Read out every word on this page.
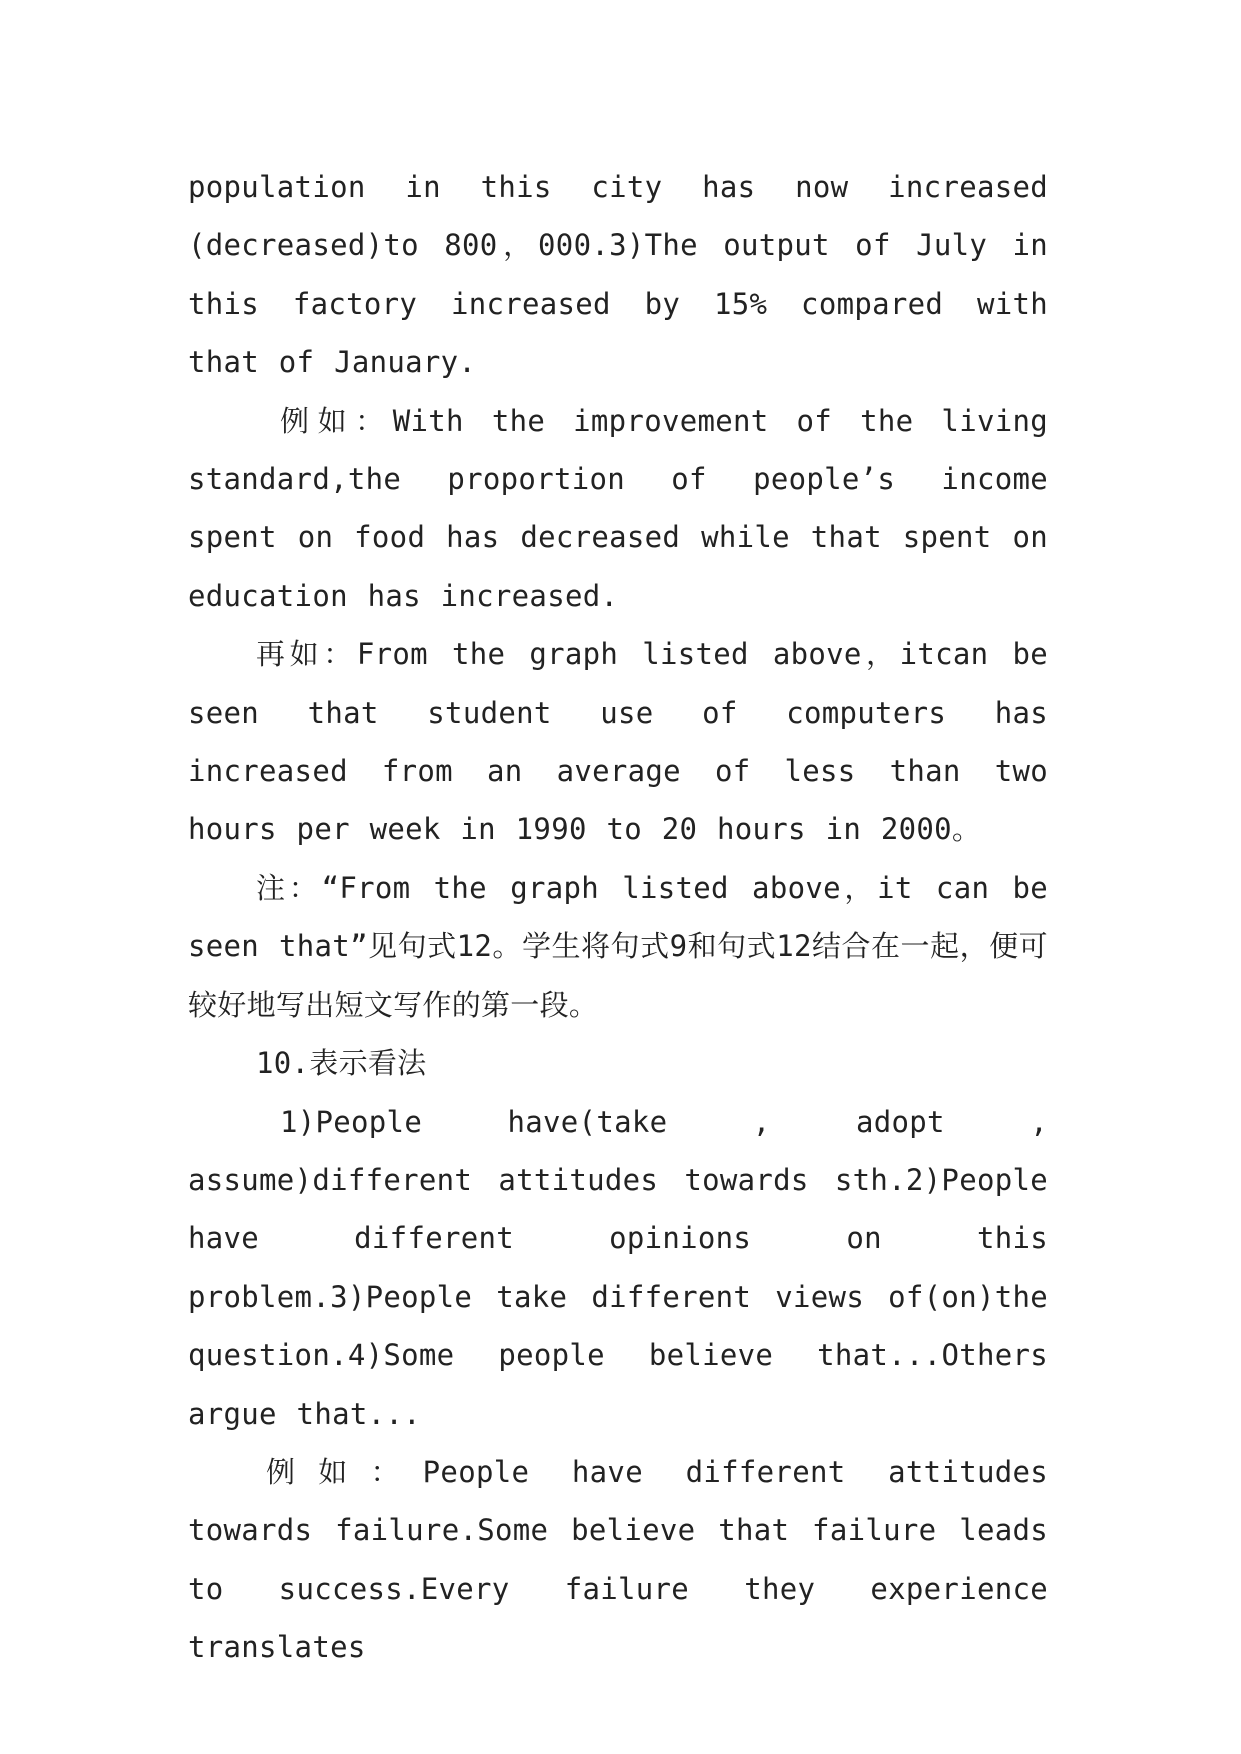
population in this city has now increased (decreased)to 800，000.3)The output of July in this factory increased by 15% compared with that of January.

例如：With the improvement of the living standard,the proportion of people’s income spent on food has decreased while that spent on education has increased.

再如：From the graph listed above，itcan be seen that student use of computers has increased from an average of less than two hours per week in 1990 to 20 hours in 2000。

注：“From the graph listed above，it can be seen that”见句式12。学生将句式9和句式12结合在一起，便可较好地写出短文写作的第一段。

10.表示看法

1)People have(take , adopt , assume)different attitudes towards sth.2)People have different opinions on this problem.3)People take different views of(on)the question.4)Some people believe that...Others argue that...

例如：People have different attitudes towards failure.Some believe that failure leads to success.Every failure they experience translates
